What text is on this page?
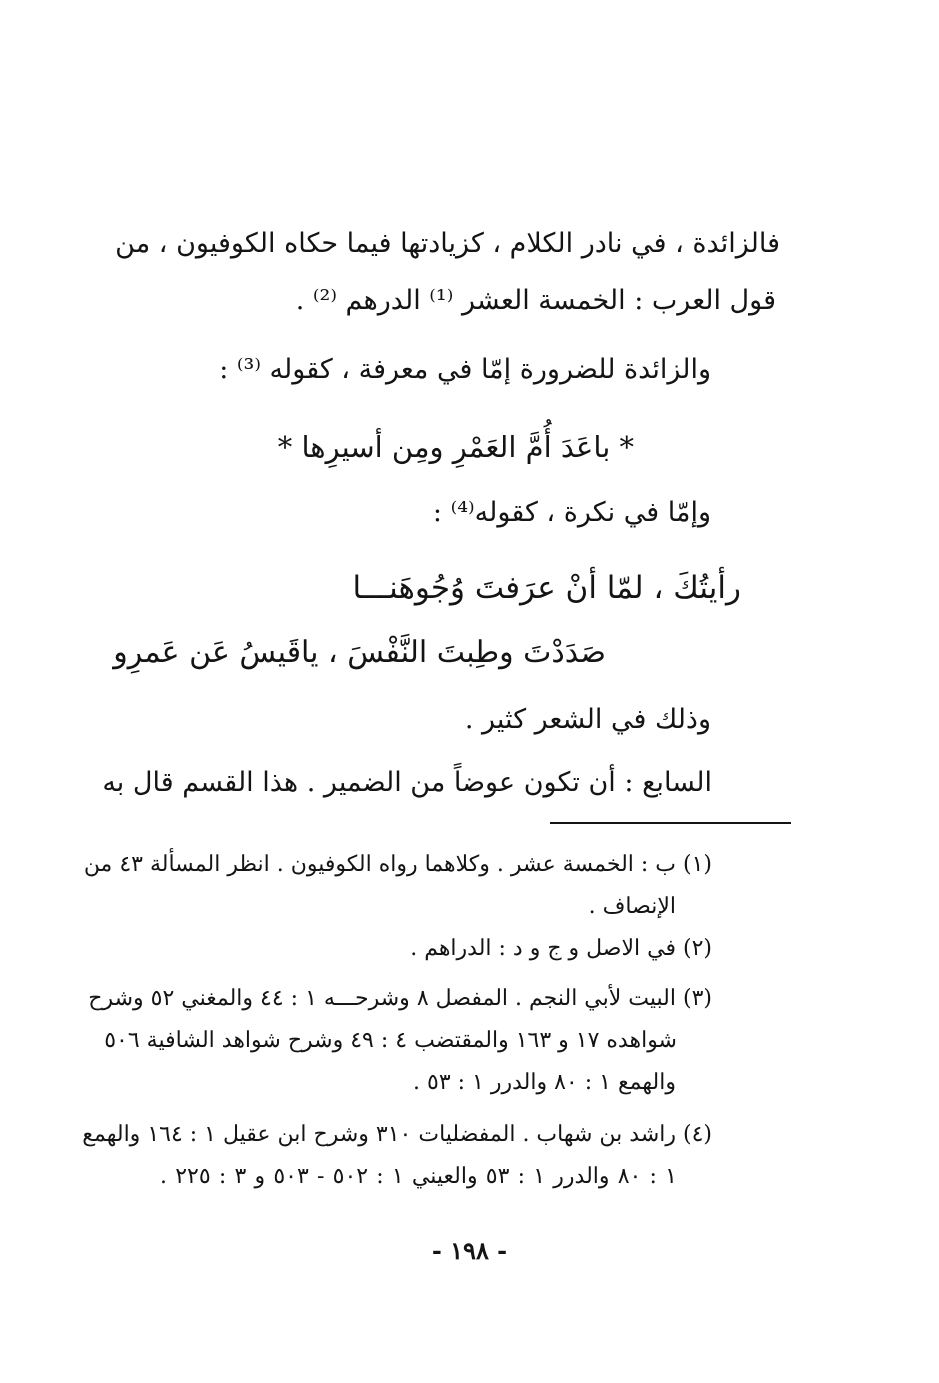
فالزائدة ، في نادر الكلام ، كزيادتها فيما حكاه الكوفيون ، من
قول العرب : الخمسة العشر ⁽¹⁾ الدرهم ⁽²⁾ .
والزائدة للضرورة إمّا في معرفة ، كقوله ⁽³⁾ :
* باعَدَ أُمَّ العَمْرِ ومِن أسيرِها *
وإمّا في نكرة ، كقوله⁽⁴⁾ :
رأيتُكَ ، لمّا أنْ عرَفتَ وُجُوهَنـــا
صَدَدْتَ وطِبتَ النَّفْسَ ، ياقَيسُ عَن عَمرِو
وذلك في الشعر كثير .
السابع : أن تكون عوضاً من الضمير . هذا القسم قال به
(١) ب : الخمسة عشر . وكلاهما رواه الكوفيون . انظر المسألة ٤٣ من
الإنصاف .
(٢) في الاصل و ج و د : الدراهم .
(٣) البيت لأبي النجم . المفصل ٨ وشرحـــه ١ : ٤٤ والمغني ٥٢ وشرح
شواهده ١٧ و ١٦٣ والمقتضب ٤ : ٤٩ وشرح شواهد الشافية ٥٠٦
والهمع ١ : ٨٠ والدرر ١ : ٥٣ .
(٤) راشد بن شهاب . المفضليات ٣١٠ وشرح ابن عقيل ١ : ١٦٤ والهمع
١ : ٨٠ والدرر ١ : ٥٣ والعيني ١ : ٥٠٢ - ٥٠٣ و ٣ : ٢٢٥ .
- ١٩٨ -
